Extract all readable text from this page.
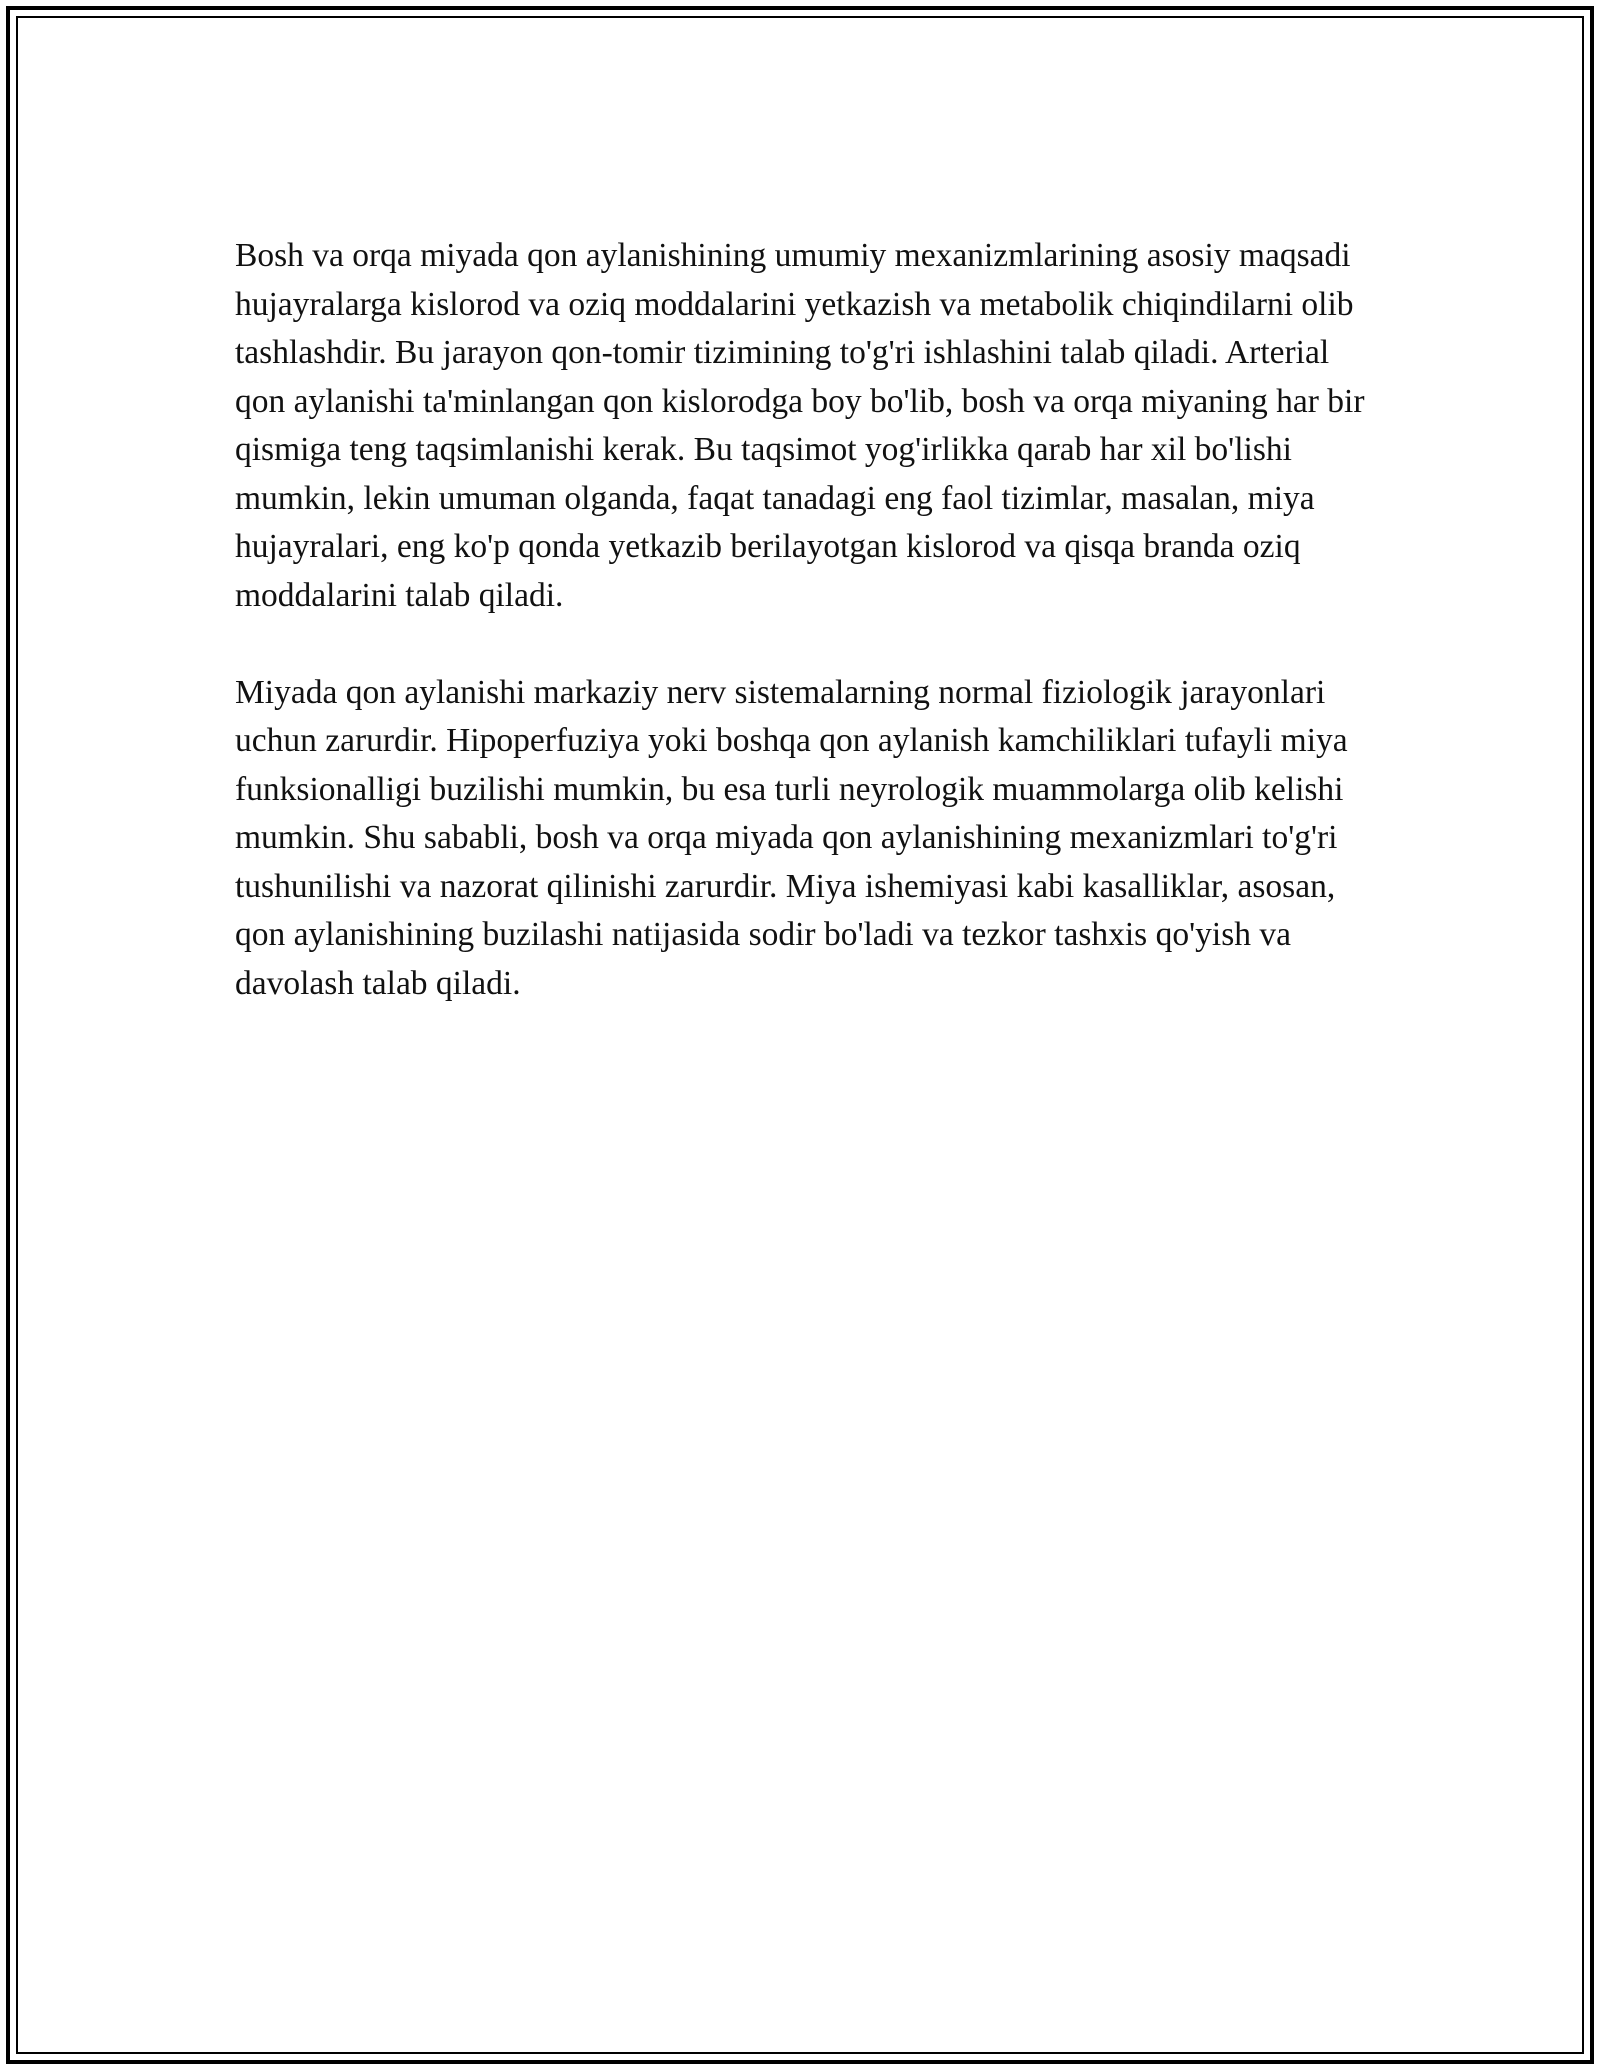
Bosh va orqa miyada qon aylanishining umumiy mexanizmlarining asosiy maqsadi hujayralarga kislorod va oziq moddalarini yetkazish va metabolik chiqindilarni olib tashlashdir. Bu jarayon qon-tomir tizimining to'g'ri ishlashini talab qiladi. Arterial qon aylanishi ta'minlangan qon kislorodga boy bo'lib, bosh va orqa miyaning har bir qismiga teng taqsimlanishi kerak. Bu taqsimot yog'irlikka qarab har xil bo'lishi mumkin, lekin umuman olganda, faqat tanadagi eng faol tizimlar, masalan, miya hujayralari, eng ko'p qonda yetkazib berilayotgan kislorod va qisqa branda oziq moddalarini talab qiladi.

Miyada qon aylanishi markaziy nerv sistemalarning normal fiziologik jarayonlari uchun zarurdir. Hipoperfuziya yoki boshqa qon aylanish kamchiliklari tufayli miya funksionalligi buzilishi mumkin, bu esa turli neyrologik muammolarga olib kelishi mumkin. Shu sababli, bosh va orqa miyada qon aylanishining mexanizmlari to'g'ri tushunilishi va nazorat qilinishi zarurdir. Miya ishemiyasi kabi kasalliklar, asosan, qon aylanishining buzilashi natijasida sodir bo'ladi va tezkor tashxis qo'yish va davolash talab qiladi.
